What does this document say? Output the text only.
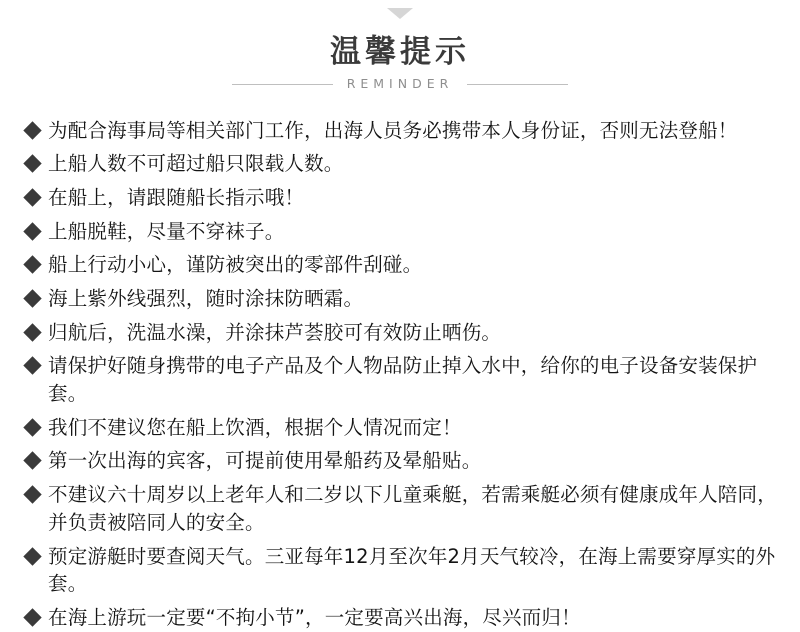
温馨提示
REMINDER
为配合海事局等相关部门工作，出海人员务必携带本人身份证，否则无法登船！
上船人数不可超过船只限载人数。
在船上，请跟随船长指示哦！
上船脱鞋，尽量不穿袜子。
船上行动小心，谨防被突出的零部件刮碰。
海上紫外线强烈，随时涂抹防晒霜。
归航后，洗温水澡，并涂抹芦荟胶可有效防止晒伤。
请保护好随身携带的电子产品及个人物品防止掉入水中，给你的电子设备安装保护套。
我们不建议您在船上饮酒，根据个人情况而定！
第一次出海的宾客，可提前使用晕船药及晕船贴。
不建议六十周岁以上老年人和二岁以下儿童乘艇，若需乘艇必须有健康成年人陪同，并负责被陪同人的安全。
预定游艇时要查阅天气。三亚每年12月至次年2月天气较冷，在海上需要穿厚实的外套。
在海上游玩一定要“不拘小节”，一定要高兴出海，尽兴而归！
